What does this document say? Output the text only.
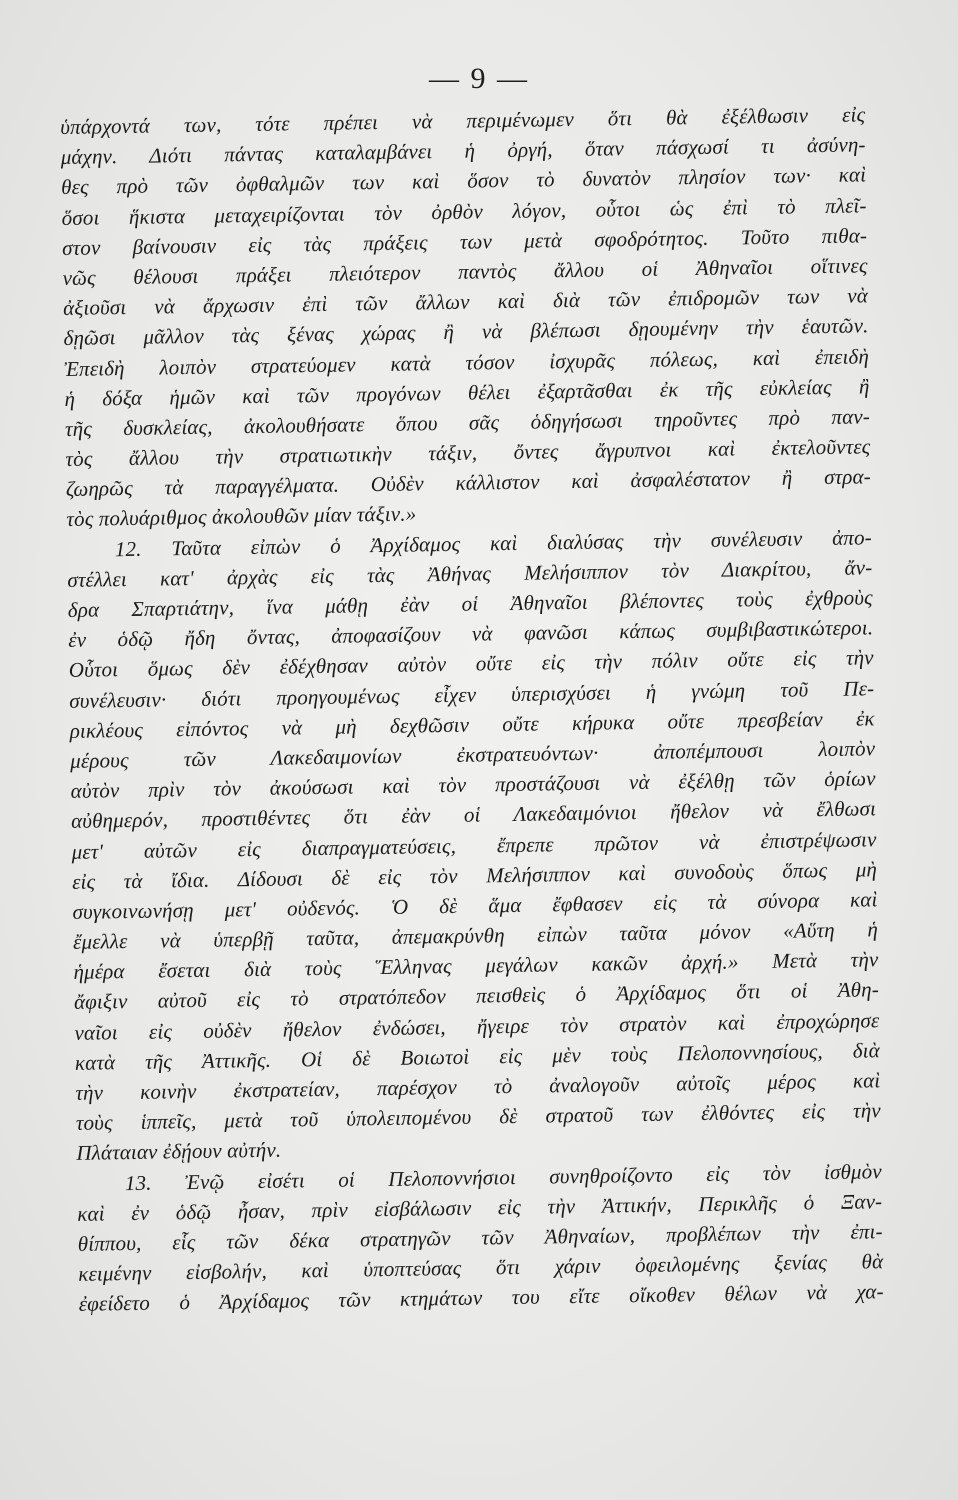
— 9 —
ὑπάρχοντά των, τότε πρέπει νὰ περιμένωμεν ὅτι θὰ ἐξέλθωσιν εἰς
μάχην. Διότι πάντας καταλαμβάνει ἡ ὀργή, ὅταν πάσχωσί τι ἀσύνη-
θες πρὸ τῶν ὀφθαλμῶν των καὶ ὅσον τὸ δυνατὸν πλησίον των· καὶ
ὅσοι ἥκιστα μεταχειρίζονται τὸν ὀρθὸν λόγον, οὗτοι ὡς ἐπὶ τὸ πλεῖ-
στον βαίνουσιν εἰς τὰς πράξεις των μετὰ σφοδρότητος. Τοῦτο πιθα-
νῶς θέλουσι πράξει πλειότερον παντὸς ἄλλου οἱ Ἀθηναῖοι οἵτινες
ἀξιοῦσι νὰ ἄρχωσιν ἐπὶ τῶν ἄλλων καὶ διὰ τῶν ἐπιδρομῶν των νὰ
δῃῶσι μᾶλλον τὰς ξένας χώρας ἢ νὰ βλέπωσι δῃουμένην τὴν ἑαυτῶν.
Ἐπειδὴ λοιπὸν στρατεύομεν κατὰ τόσον ἰσχυρᾶς πόλεως, καὶ ἐπειδὴ
ἡ δόξα ἡμῶν καὶ τῶν προγόνων θέλει ἐξαρτᾶσθαι ἐκ τῆς εὐκλείας ἢ
τῆς δυσκλείας, ἀκολουθήσατε ὅπου σᾶς ὁδηγήσωσι τηροῦντες πρὸ παν-
τὸς ἄλλου τὴν στρατιωτικὴν τάξιν, ὄντες ἄγρυπνοι καὶ ἐκτελοῦντες
ζωηρῶς τὰ παραγγέλματα. Οὐδὲν κάλλιστον καὶ ἀσφαλέστατον ἢ στρα-
τὸς πολυάριθμος ἀκολουθῶν μίαν τάξιν.»
12. Ταῦτα εἰπὼν ὁ Ἀρχίδαμος καὶ διαλύσας τὴν συνέλευσιν ἀπο-
στέλλει κατ' ἀρχὰς εἰς τὰς Ἀθήνας Μελήσιππον τὸν Διακρίτου, ἄν-
δρα Σπαρτιάτην, ἵνα μάθῃ ἐὰν οἱ Ἀθηναῖοι βλέποντες τοὺς ἐχθροὺς
ἐν ὁδῷ ἤδη ὄντας, ἀποφασίζουν νὰ φανῶσι κάπως συμβιβαστικώτεροι.
Οὗτοι ὅμως δὲν ἐδέχθησαν αὐτὸν οὔτε εἰς τὴν πόλιν οὔτε εἰς τὴν
συνέλευσιν· διότι προηγουμένως εἶχεν ὑπερισχύσει ἡ γνώμη τοῦ Πε-
ρικλέους εἰπόντος νὰ μὴ δεχθῶσιν οὔτε κήρυκα οὔτε πρεσβείαν ἐκ
μέρους τῶν Λακεδαιμονίων ἐκστρατευόντων· ἀποπέμπουσι λοιπὸν
αὐτὸν πρὶν τὸν ἀκούσωσι καὶ τὸν προστάζουσι νὰ ἐξέλθῃ τῶν ὁρίων
αὐθημερόν, προστιθέντες ὅτι ἐὰν οἱ Λακεδαιμόνιοι ἤθελον νὰ ἔλθωσι
μετ' αὐτῶν εἰς διαπραγματεύσεις, ἔπρεπε πρῶτον νὰ ἐπιστρέψωσιν
εἰς τὰ ἴδια. Δίδουσι δὲ εἰς τὸν Μελήσιππον καὶ συνοδοὺς ὅπως μὴ
συγκοινωνήσῃ μετ' οὐδενός. Ὁ δὲ ἅμα ἔφθασεν εἰς τὰ σύνορα καὶ
ἔμελλε νὰ ὑπερβῇ ταῦτα, ἀπεμακρύνθη εἰπὼν ταῦτα μόνον «Αὕτη ἡ
ἡμέρα ἔσεται διὰ τοὺς Ἕλληνας μεγάλων κακῶν ἀρχή.» Μετὰ τὴν
ἄφιξιν αὐτοῦ εἰς τὸ στρατόπεδον πεισθεὶς ὁ Ἀρχίδαμος ὅτι οἱ Ἀθη-
ναῖοι εἰς οὐδὲν ἤθελον ἐνδώσει, ἤγειρε τὸν στρατὸν καὶ ἐπροχώρησε
κατὰ τῆς Ἀττικῆς. Οἱ δὲ Βοιωτοὶ εἰς μὲν τοὺς Πελοποννησίους, διὰ
τὴν κοινὴν ἐκστρατείαν, παρέσχον τὸ ἀναλογοῦν αὐτοῖς μέρος καὶ
τοὺς ἱππεῖς, μετὰ τοῦ ὑπολειπομένου δὲ στρατοῦ των ἐλθόντες εἰς τὴν
Πλάταιαν ἐδῄουν αὐτήν.
13. Ἐνῷ εἰσέτι οἱ Πελοποννήσιοι συνηθροίζοντο εἰς τὸν ἰσθμὸν
καὶ ἐν ὁδῷ ἦσαν, πρὶν εἰσβάλωσιν εἰς τὴν Ἀττικήν, Περικλῆς ὁ Ξαν-
θίππου, εἷς τῶν δέκα στρατηγῶν τῶν Ἀθηναίων, προβλέπων τὴν ἐπι-
κειμένην εἰσβολήν, καὶ ὑποπτεύσας ὅτι χάριν ὀφειλομένης ξενίας θὰ
ἐφείδετο ὁ Ἀρχίδαμος τῶν κτημάτων του εἴτε οἴκοθεν θέλων νὰ χα-
